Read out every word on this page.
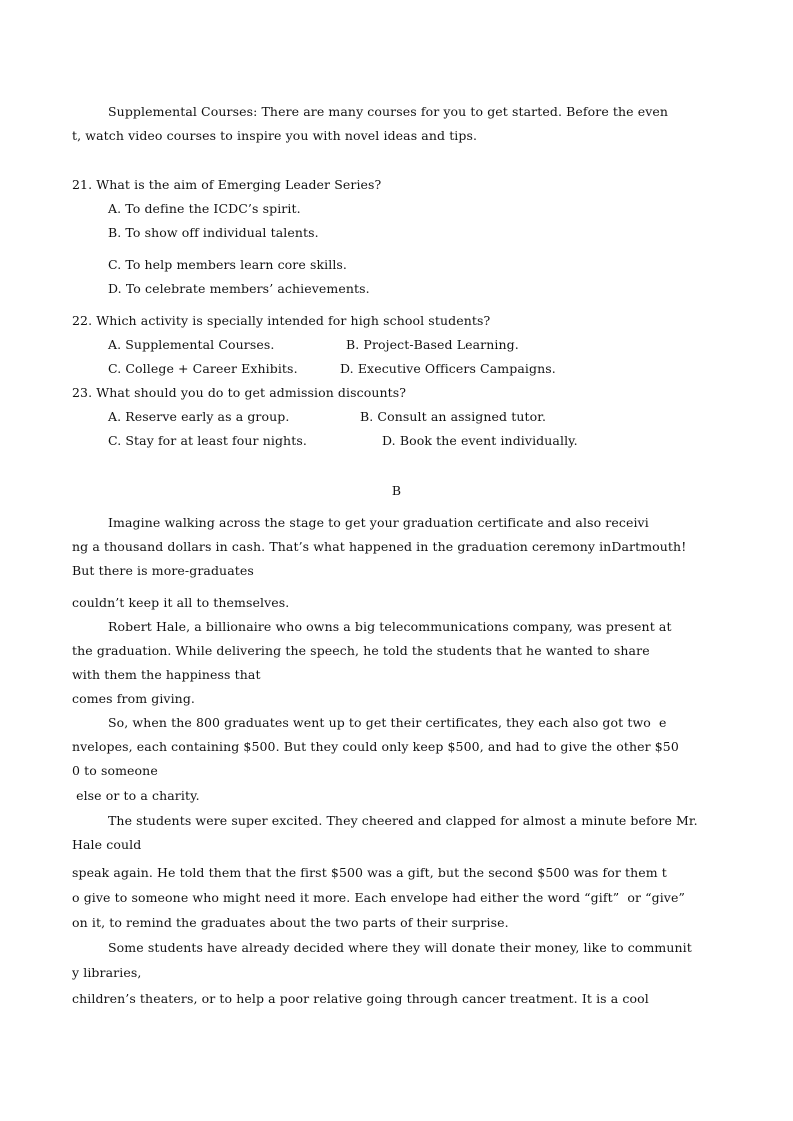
Supplemental Courses: There are many courses for you to get started. Before the even
t, watch video courses to inspire you with novel ideas and tips.
21. What is the aim of Emerging Leader Series?
A. To define the ICDC’s spirit.
B. To show off individual talents.
C. To help members learn core skills.
D. To celebrate members’ achievements.
22. Which activity is specially intended for high school students?
A. Supplemental Courses.	B. Project-Based Learning.
C. College + Career Exhibits.	D. Executive Officers Campaigns.
23. What should you do to get admission discounts?
A. Reserve early as a group.	B. Consult an assigned tutor.
C. Stay for at least four nights.	D. Book the event individually.
B
Imagine walking across the stage to get your graduation certificate and also receivi
ng a thousand dollars in cash. That’s what happened in the graduation ceremony inDartmouth!
But there is more-graduates
couldn’t keep it all to themselves.
Robert Hale, a billionaire who owns a big telecommunications company, was present at
the graduation. While delivering the speech, he told the students that he wanted to share
with them the happiness that
comes from giving.
So, when the 800 graduates went up to get their certificates, they each also got two  e
nvelopes, each containing $500. But they could only keep $500, and had to give the other $50
0 to someone
else or to a charity.
The students were super excited. They cheered and clapped for almost a minute before Mr.
Hale could
speak again. He told them that the first $500 was a gift, but the second $500 was for them t
o give to someone who might need it more. Each envelope had either the word “gift”  or “give”
on it, to remind the graduates about the two parts of their surprise.
Some students have already decided where they will donate their money, like to communit
y libraries,
children’s theaters, or to help a poor relative going through cancer treatment. It is a cool
